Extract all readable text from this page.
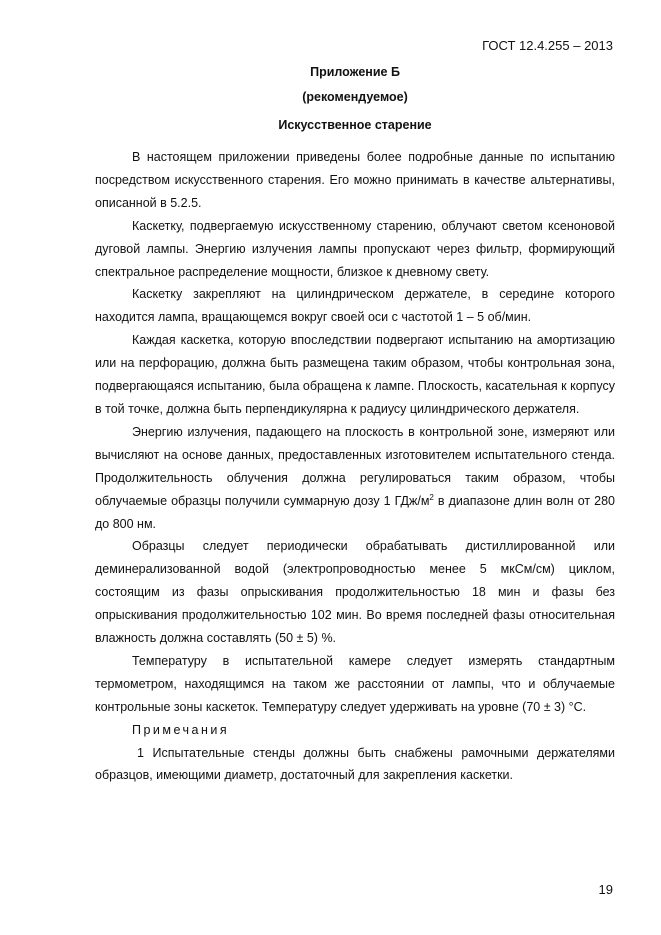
ГОСТ 12.4.255 – 2013
Приложение Б
(рекомендуемое)
Искусственное старение

В настоящем приложении приведены более подробные данные по испытанию посредством искусственного старения. Его можно принимать в качестве альтернативы, описанной в 5.2.5.

Каскетку, подвергаемую искусственному старению, облучают светом ксеноновой дуговой лампы. Энергию излучения лампы пропускают через фильтр, формирующий спектральное распределение мощности, близкое к дневному свету.

Каскетку закрепляют на цилиндрическом держателе, в середине которого находится лампа, вращающемся вокруг своей оси с частотой 1 – 5 об/мин.

Каждая каскетка, которую впоследствии подвергают испытанию на амортизацию или на перфорацию, должна быть размещена таким образом, чтобы контрольная зона, подвергающаяся испытанию, была обращена к лампе. Плоскость, касательная к корпусу в той точке, должна быть перпендикулярна к радиусу цилиндрического держателя.

Энергию излучения, падающего на плоскость в контрольной зоне, измеряют или вычисляют на основе данных, предоставленных изготовителем испытательного стенда. Продолжительность облучения должна регулироваться таким образом, чтобы облучаемые образцы получили суммарную дозу 1 ГДж/$м^2$ в диапазоне длин волн от 280 до 800 нм.

Образцы следует периодически обрабатывать дистиллированной или деминерализованной водой (электропроводностью менее 5 мкСм/см) циклом, состоящим из фазы опрыскивания продолжительностью 18 мин и фазы без опрыскивания продолжительностью 102 мин. Во время последней фазы относительная влажность должна составлять (50 ± 5) %.

Температуру в испытательной камере следует измерять стандартным термометром, находящимся на таком же расстоянии от лампы, что и облучаемые контрольные зоны каскеток. Температуру следует удерживать на уровне (70 ± 3) °С.

Примечания

1 Испытательные стенды должны быть снабжены рамочными держателями образцов, имеющими диаметр, достаточный для закрепления каскетки.

19
